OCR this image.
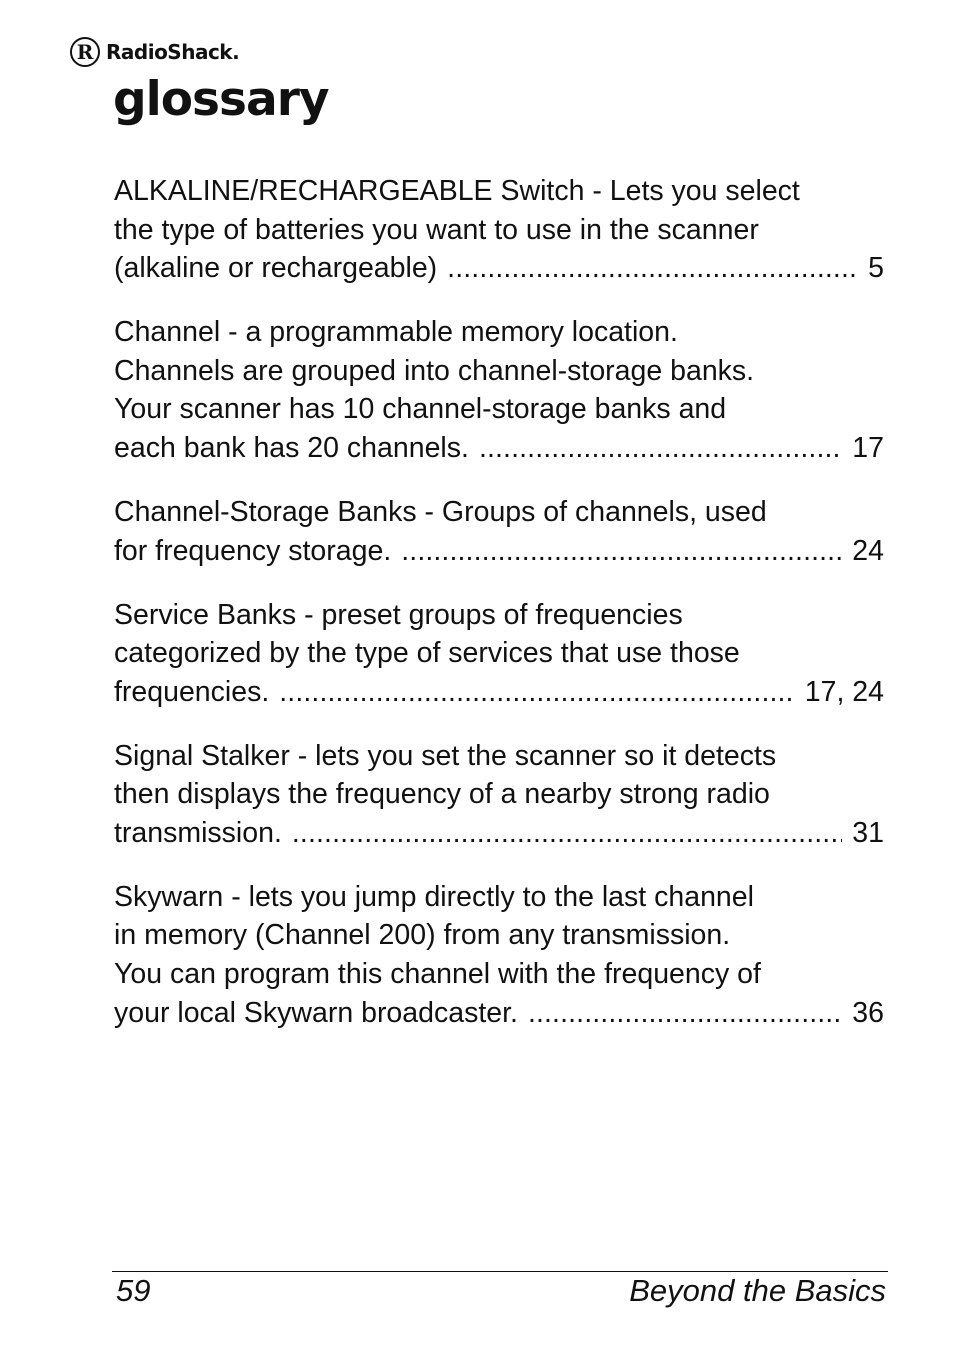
R RadioShack.
glossary
ALKALINE/RECHARGEABLE Switch - Lets you select
the type of batteries you want to use in the scanner
(alkaline or rechargeable) . . .	5
Channel - a programmable memory location.
Channels are grouped into channel-storage banks.
Your scanner has 10 channel-storage banks and
each bank has 20 channels. . . .	17
Channel-Storage Banks - Groups of channels, used
for frequency storage. . . .	24
Service Banks - preset groups of frequencies
categorized by the type of services that use those
frequencies. . . .	17, 24
Signal Stalker - lets you set the scanner so it detects
then displays the frequency of a nearby strong radio
transmission. . . .	31
Skywarn - lets you jump directly to the last channel
in memory (Channel 200) from any transmission.
You can program this channel with the frequency of
your local Skywarn broadcaster. . . .	36
59	Beyond the Basics
